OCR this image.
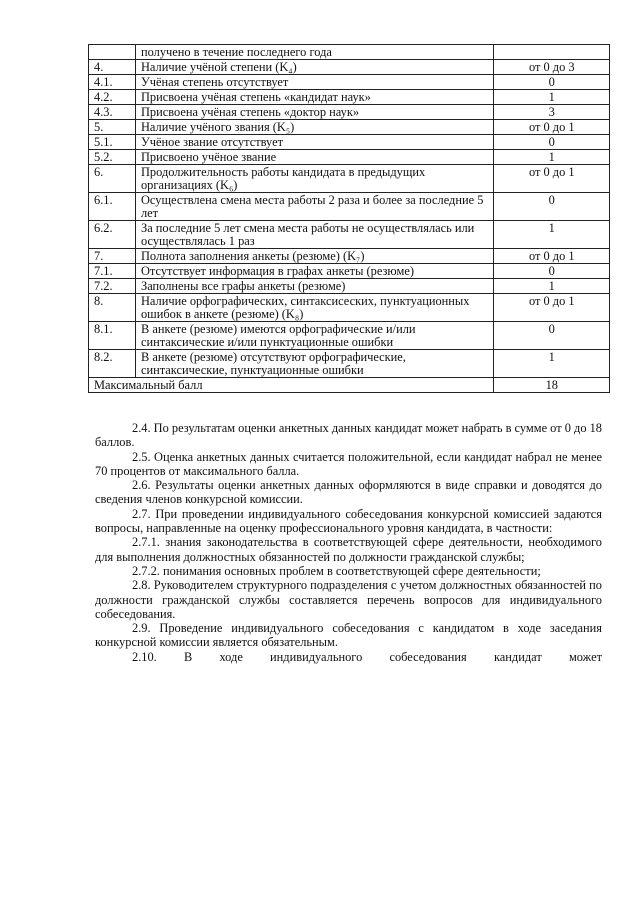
	получено в течение последнего года	
4.	Наличие учёной степени (K₄)	от 0 до 3
4.1.	Учёная степень отсутствует	0
4.2.	Присвоена учёная степень «кандидат наук»	1
4.3.	Присвоена учёная степень «доктор наук»	3
5.	Наличие учёного звания (K₅)	от 0 до 1
5.1.	Учёное звание отсутствует	0
5.2.	Присвоено учёное звание	1
6.	Продолжительность работы кандидата в предыдущих организациях (K₆)	от 0 до 1
6.1.	Осуществлена смена места работы 2 раза и более за последние 5 лет	0
6.2.	За последние 5 лет смена места работы не осуществлялась или осуществлялась 1 раз	1
7.	Полнота заполнения анкеты (резюме) (K₇)	от 0 до 1
7.1.	Отсутствует информация в графах анкеты (резюме)	0
7.2.	Заполнены все графы анкеты (резюме)	1
8.	Наличие орфографических, синтаксисеских, пунктуационных ошибок в анкете (резюме) (K₈)	от 0 до 1
8.1.	В анкете (резюме) имеются орфографические и/или синтаксические и/или пунктуационные ошибки	0
8.2.	В анкете (резюме) отсутствуют орфографические, синтаксические, пунктуационные ошибки	1
Максимальный балл		18

2.4. По результатам оценки анкетных данных кандидат может набрать в сумме от 0 до 18 баллов.

2.5. Оценка анкетных данных считается положительной, если кандидат набрал не менее 70 процентов от максимального балла.

2.6. Результаты оценки анкетных данных оформляются в виде справки и доводятся до сведения членов конкурсной комиссии.

2.7. При проведении индивидуального собеседования конкурсной комиссией задаются вопросы, направленные на оценку профессионального уровня кандидата, в частности:

2.7.1. знания законодательства в соответствующей сфере деятельности, необходимого для выполнения должностных обязанностей по должности гражданской службы;

2.7.2. понимания основных проблем в соответствующей сфере деятельности;

2.8. Руководителем структурного подразделения с учетом должностных обязанностей по должности гражданской службы составляется перечень вопросов для индивидуального собеседования.

2.9. Проведение индивидуального собеседования с кандидатом в ходе заседания конкурсной комиссии является обязательным.

2.10. В ходе индивидуального собеседования кандидат может
